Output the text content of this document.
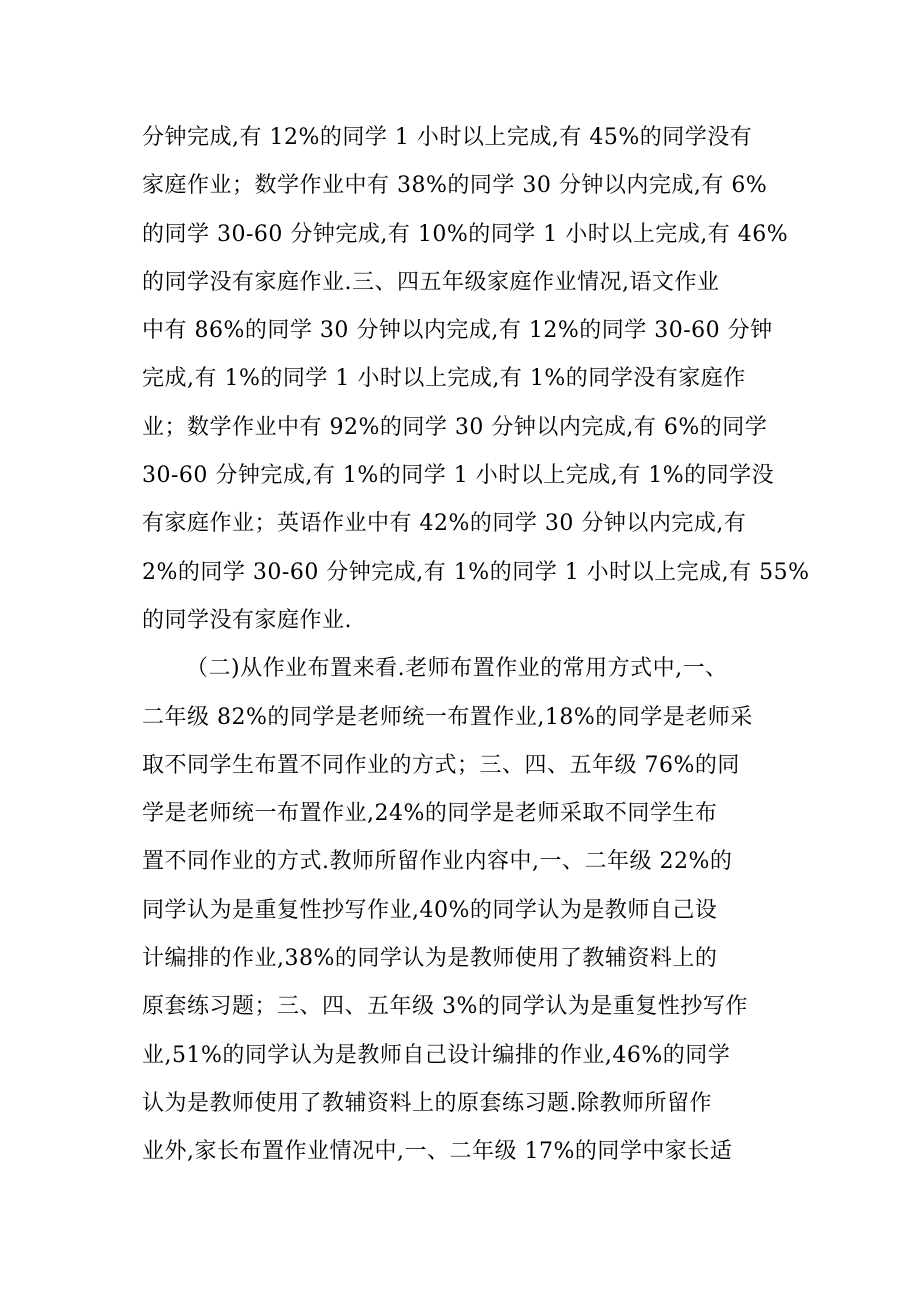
分钟完成,有 12%的同学 1 小时以上完成,有 45%的同学没有
家庭作业；数学作业中有 38%的同学 30 分钟以内完成,有 6%
的同学 30-60 分钟完成,有 10%的同学 1 小时以上完成,有 46%
的同学没有家庭作业.三、四五年级家庭作业情况,语文作业
中有 86%的同学 30 分钟以内完成,有 12%的同学 30-60 分钟
完成,有 1%的同学 1 小时以上完成,有 1%的同学没有家庭作
业；数学作业中有 92%的同学 30 分钟以内完成,有 6%的同学
30-60 分钟完成,有 1%的同学 1 小时以上完成,有 1%的同学没
有家庭作业；英语作业中有 42%的同学 30 分钟以内完成,有
2%的同学 30-60 分钟完成,有 1%的同学 1 小时以上完成,有 55%
的同学没有家庭作业.
（二)从作业布置来看.老师布置作业的常用方式中,一、
二年级 82%的同学是老师统一布置作业,18%的同学是老师采
取不同学生布置不同作业的方式；三、四、五年级 76%的同
学是老师统一布置作业,24%的同学是老师采取不同学生布
置不同作业的方式.教师所留作业内容中,一、二年级 22%的
同学认为是重复性抄写作业,40%的同学认为是教师自己设
计编排的作业,38%的同学认为是教师使用了教辅资料上的
原套练习题；三、四、五年级 3%的同学认为是重复性抄写作
业,51%的同学认为是教师自己设计编排的作业,46%的同学
认为是教师使用了教辅资料上的原套练习题.除教师所留作
业外,家长布置作业情况中,一、二年级 17%的同学中家长适
